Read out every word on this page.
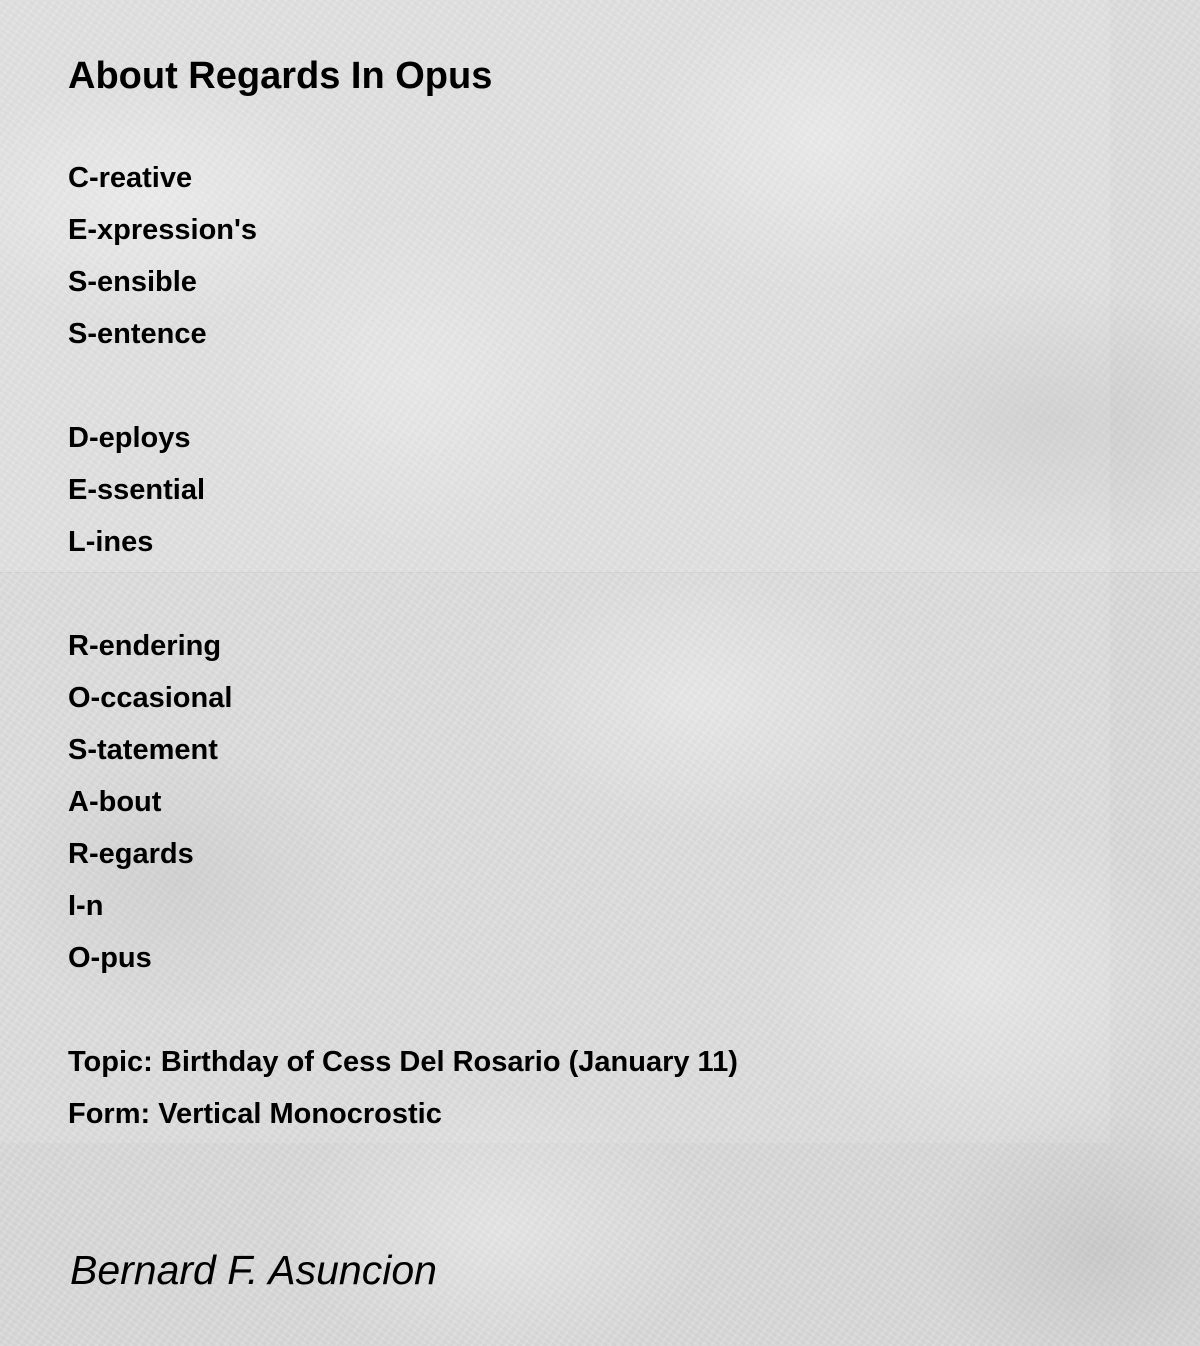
About Regards In Opus
C-reative
E-xpression's
S-ensible
S-entence
D-eploys
E-ssential
L-ines
R-endering
O-ccasional
S-tatement
A-bout
R-egards
I-n
O-pus
Topic: Birthday of Cess Del Rosario (January 11)
Form: Vertical Monocrostic
Bernard F. Asuncion
